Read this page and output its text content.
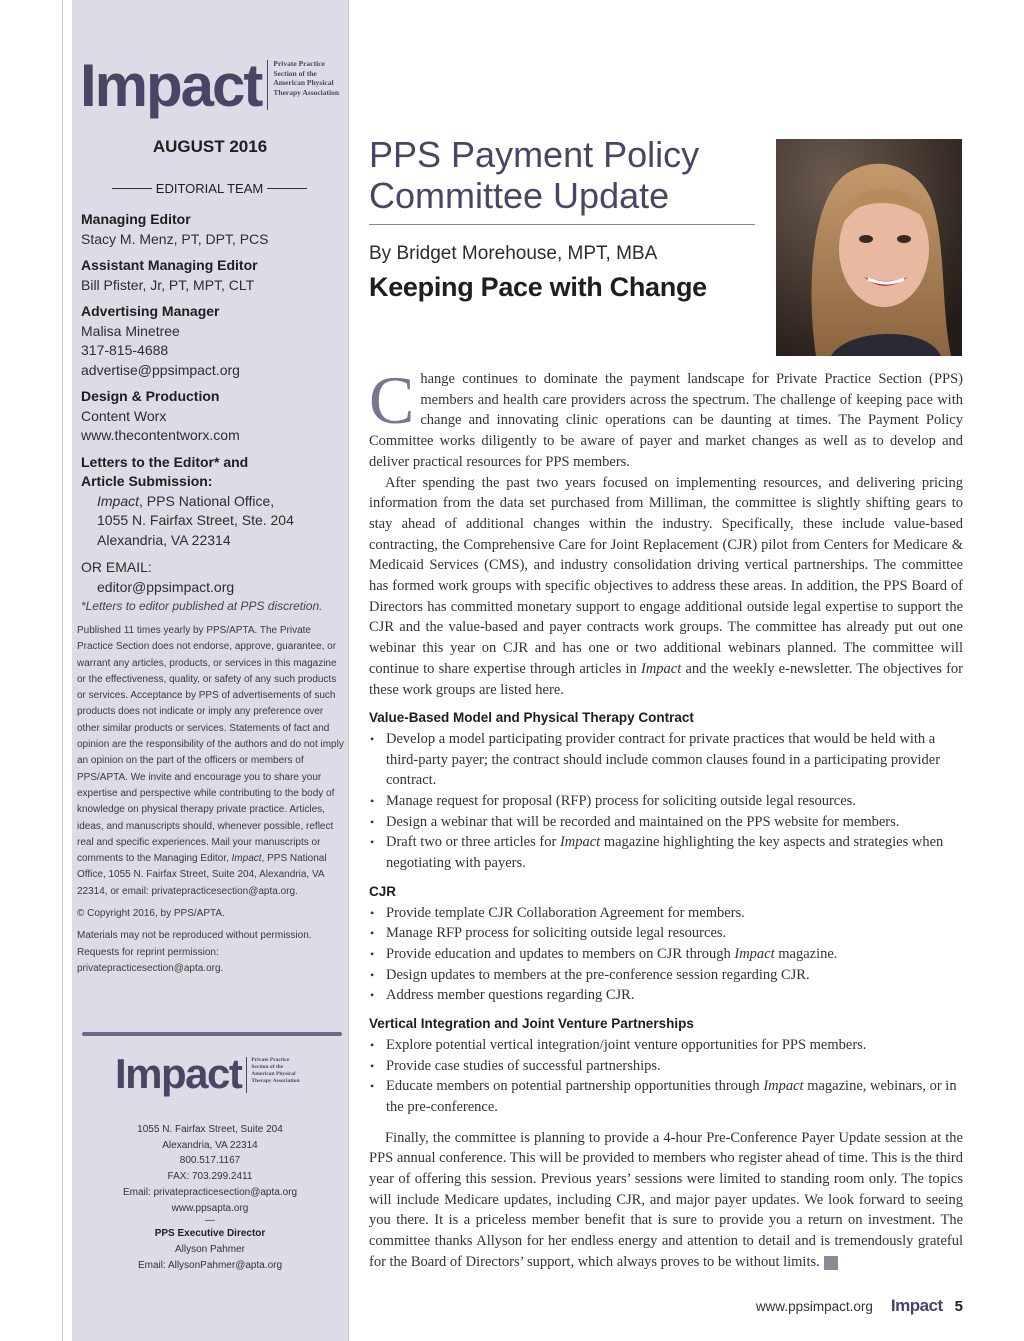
Impact Private Practice
Section of the
American Physical
Therapy Association
AUGUST 2016
EDITORIAL TEAM
Managing Editor
Stacy M. Menz, PT, DPT, PCS
Assistant Managing Editor
Bill Pfister, Jr, PT, MPT, CLT
Advertising Manager
Malisa Minetree
317-815-4688
advertise@ppsimpact.org
Design & Production
Content Worx
www.thecontentworx.com
Letters to the Editor* and
Article Submission:
Impact, PPS National Office,
1055 N. Fairfax Street, Ste. 204
Alexandria, VA 22314
OR EMAIL:
editor@ppsimpact.org
*Letters to editor published at PPS discretion.

Published 11 times yearly by PPS/APTA. The Private Practice Section does not endorse, approve, guarantee, or warrant any articles, products, or services in this magazine or the effectiveness, quality, or safety of any such products or services. Acceptance by PPS of advertisements of such products does not indicate or imply any preference over other similar products or services. Statements of fact and opinion are the responsibility of the authors and do not imply an opinion on the part of the officers or members of PPS/APTA. We invite and encourage you to share your expertise and perspective while contributing to the body of knowledge on physical therapy private practice. Articles, ideas, and manuscripts should, whenever possible, reflect real and specific experiences. Mail your manuscripts or comments to the Managing Editor, Impact, PPS National Office, 1055 N. Fairfax Street, Suite 204, Alexandria, VA 22314, or email: privatepracticesection@apta.org.

© Copyright 2016, by PPS/APTA.

Materials may not be reproduced without permission. Requests for reprint permission: privatepracticesection@apta.org.

Impact Private Practice
Section of the
American Physical
Therapy Association
1055 N. Fairfax Street, Suite 204
Alexandria, VA 22314
800.517.1167
FAX: 703.299.2411
Email: privatepracticesection@apta.org
www.ppsapta.org
—
PPS Executive Director
Allyson Pahmer
Email: AllysonPahmer@apta.org
PPS Payment Policy Committee Update
By Bridget Morehouse, MPT, MBA
Keeping Pace with Change

Change continues to dominate the payment landscape for Private Practice Section (PPS) members and health care providers across the spectrum. The challenge of keeping pace with change and innovating clinic operations can be daunting at times. The Payment Policy Committee works diligently to be aware of payer and market changes as well as to develop and deliver practical resources for PPS members.

After spending the past two years focused on implementing resources, and delivering pricing information from the data set purchased from Milliman, the committee is slightly shifting gears to stay ahead of additional changes within the industry. Specifically, these include value-based contracting, the Comprehensive Care for Joint Replacement (CJR) pilot from Centers for Medicare & Medicaid Services (CMS), and industry consolidation driving vertical partnerships. The committee has formed work groups with specific objectives to address these areas. In addition, the PPS Board of Directors has committed monetary support to engage additional outside legal expertise to support the CJR and the value-based and payer contracts work groups. The committee has already put out one webinar this year on CJR and has one or two additional webinars planned. The committee will continue to share expertise through articles in Impact and the weekly e-newsletter. The objectives for these work groups are listed here.

Value-Based Model and Physical Therapy Contract
• Develop a model participating provider contract for private practices that would be held with a third-party payer; the contract should include common clauses found in a participating provider contract.
• Manage request for proposal (RFP) process for soliciting outside legal resources.
• Design a webinar that will be recorded and maintained on the PPS website for members.
• Draft two or three articles for Impact magazine highlighting the key aspects and strategies when negotiating with payers.
CJR
• Provide template CJR Collaboration Agreement for members.
• Manage RFP process for soliciting outside legal resources.
• Provide education and updates to members on CJR through Impact magazine.
• Design updates to members at the pre-conference session regarding CJR.
• Address member questions regarding CJR.
Vertical Integration and Joint Venture Partnerships
• Explore potential vertical integration/joint venture opportunities for PPS members.
• Provide case studies of successful partnerships.
• Educate members on potential partnership opportunities through Impact magazine, webinars, or in the pre-conference.

Finally, the committee is planning to provide a 4-hour Pre-Conference Payer Update session at the PPS annual conference. This will be provided to members who register ahead of time. This is the third year of offering this session. Previous years’ sessions were limited to standing room only. The topics will include Medicare updates, including CJR, and major payer updates. We look forward to seeing you there. It is a priceless member benefit that is sure to provide you a return on investment. The committee thanks Allyson for her endless energy and attention to detail and is tremendously grateful for the Board of Directors’ support, which always proves to be without limits. I

www.ppsimpact.org Impact 5
